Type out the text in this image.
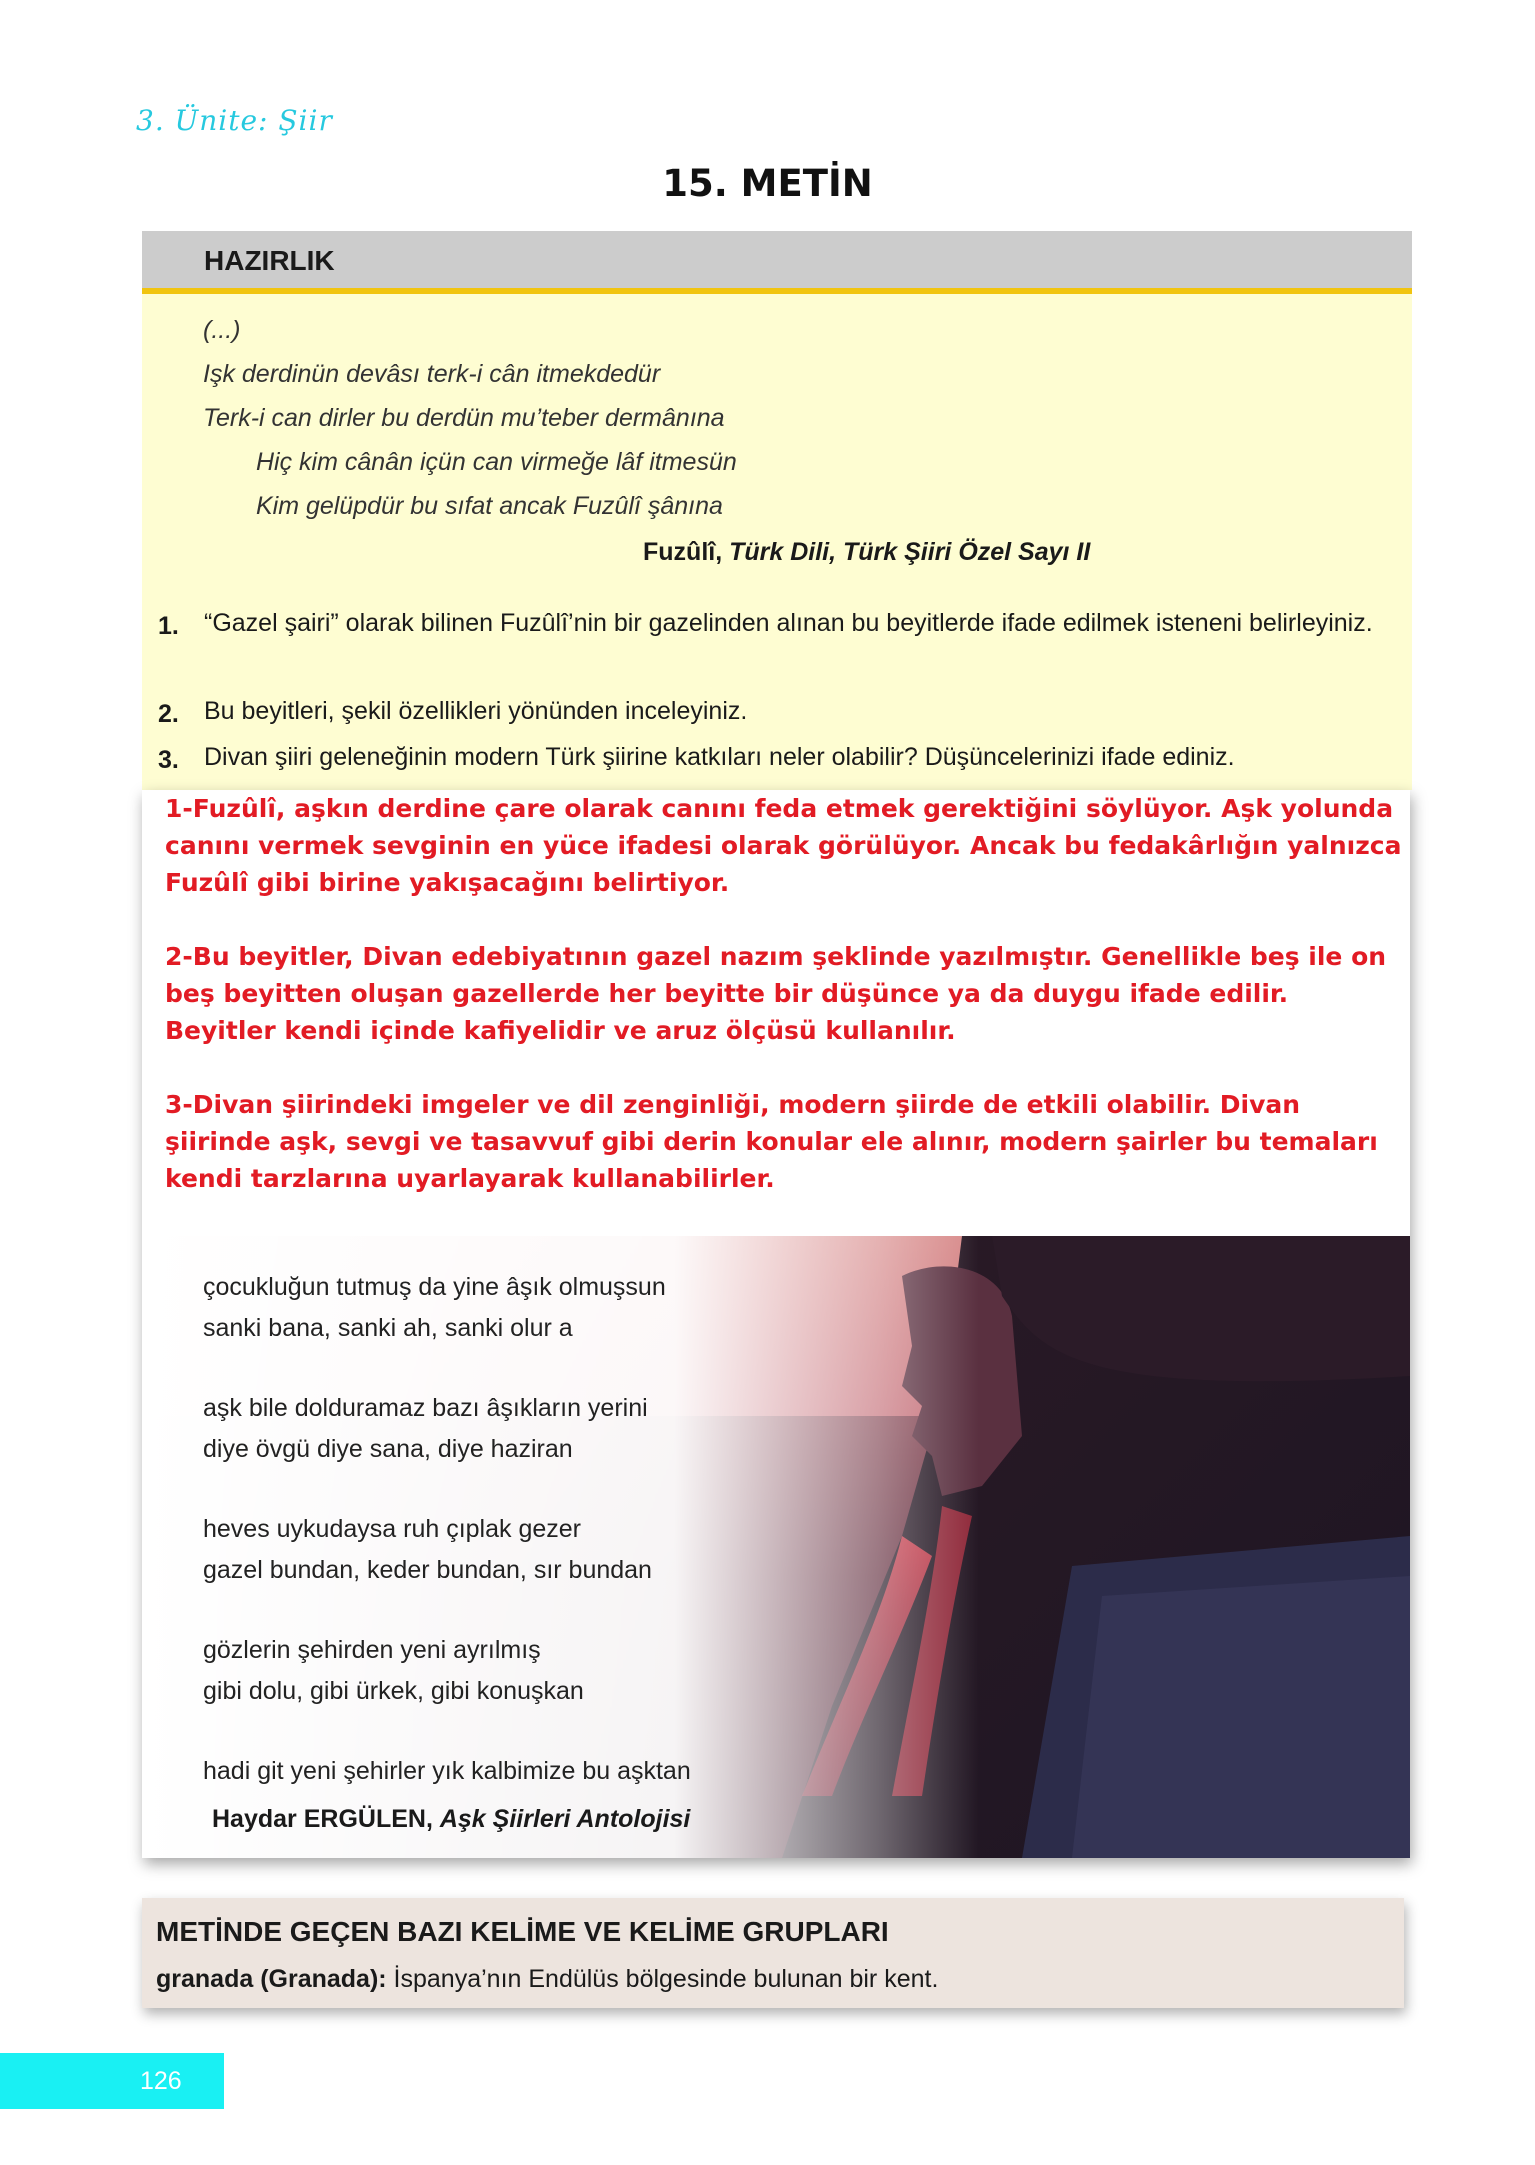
3. Ünite: Şiir
15. METİN
HAZIRLIK
(...)
Işk derdinün devâsı terk-i cân itmekdedür
Terk-i can dirler bu derdün mu’teber dermânına
Hiç kim cânân içün can virmeğe lâf itmesün
Kim gelüpdür bu sıfat ancak Fuzûlî şânına
Fuzûlî, Türk Dili, Türk Şiiri Özel Sayı II
1. “Gazel şairi” olarak bilinen Fuzûlî’nin bir gazelinden alınan bu beyitlerde ifade edilmek isteneni belirleyiniz.
2. Bu beyitleri, şekil özellikleri yönünden inceleyiniz.
3. Divan şiiri geleneğinin modern Türk şiirine katkıları neler olabilir? Düşüncelerinizi ifade ediniz.

1-Fuzûlî, aşkın derdine çare olarak canını feda etmek gerektiğini söylüyor. Aşk yolunda canını vermek sevginin en yüce ifadesi olarak görülüyor. Ancak bu fedakârlığın yalnızca Fuzûlî gibi birine yakışacağını belirtiyor.

2-Bu beyitler, Divan edebiyatının gazel nazım şeklinde yazılmıştır. Genellikle beş ile on beş beyitten oluşan gazellerde her beyitte bir düşünce ya da duygu ifade edilir. Beyitler kendi içinde kafiyelidir ve aruz ölçüsü kullanılır.

3-Divan şiirindeki imgeler ve dil zenginliği, modern şiirde de etkili olabilir. Divan şiirinde aşk, sevgi ve tasavvuf gibi derin konular ele alınır, modern şairler bu temaları kendi tarzlarına uyarlayarak kullanabilirler.

çocukluğun tutmuş da yine âşık olmuşsun
sanki bana, sanki ah, sanki olur a
aşk bile dolduramaz bazı âşıkların yerini
diye övgü diye sana, diye haziran
heves uykudaysa ruh çıplak gezer
gazel bundan, keder bundan, sır bundan
gözlerin şehirden yeni ayrılmış
gibi dolu, gibi ürkek, gibi konuşkan
hadi git yeni şehirler yık kalbimize bu aşktan
Haydar ERGÜLEN, Aşk Şiirleri Antolojisi
METİNDE GEÇEN BAZI KELİME VE KELİME GRUPLARI
granada (Granada): İspanya’nın Endülüs bölgesinde bulunan bir kent.
126
